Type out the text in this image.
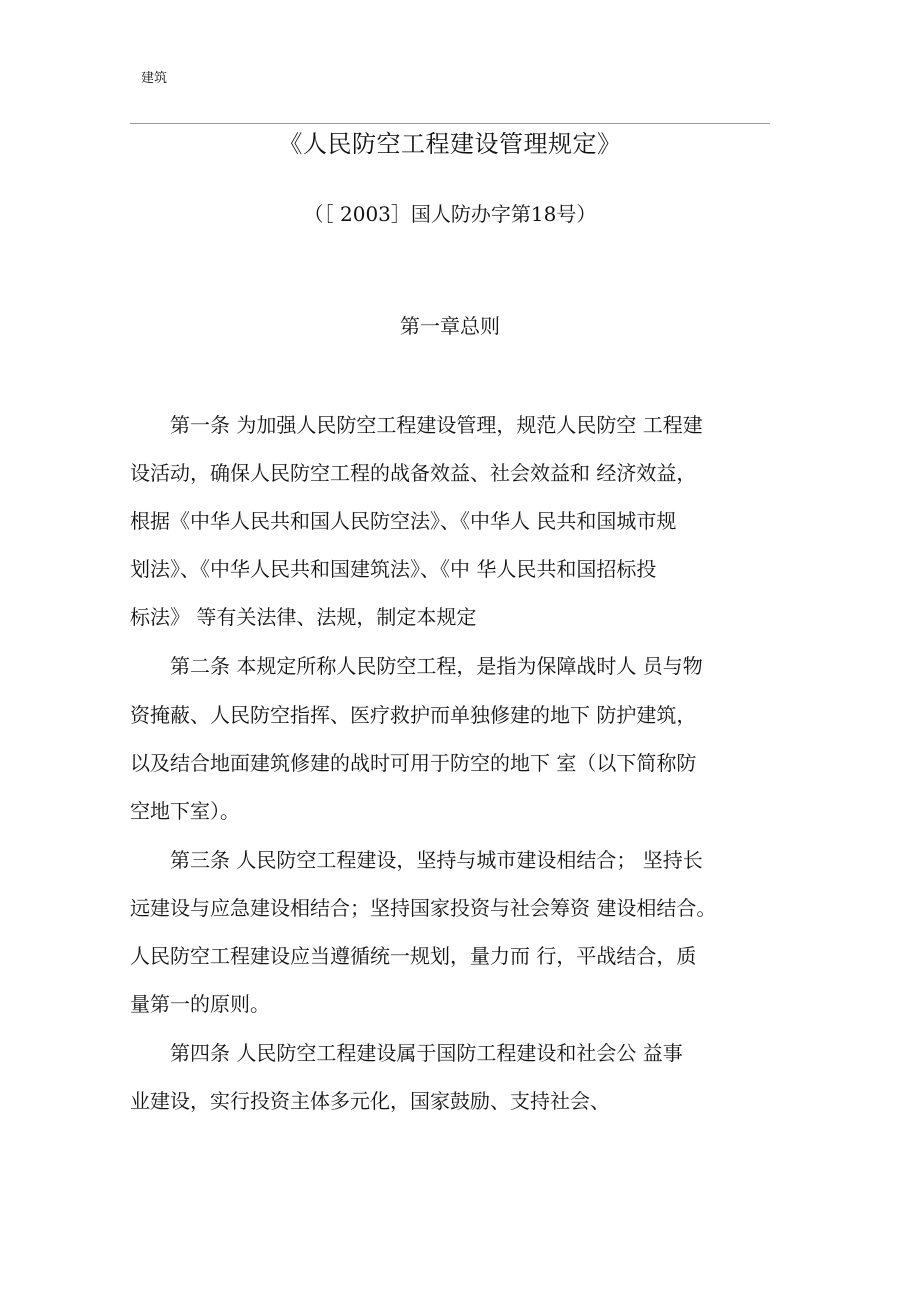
建筑
《人民防空工程建设管理规定》
（［ 2003］国人防办字第18号）
第一章总则
　　第一条 为加强人民防空工程建设管理，规范人民防空 工程建
设活动，确保人民防空工程的战备效益、社会效益和 经济效益，
根据《中华人民共和国人民防空法》、《中华人 民共和国城市规
划法》、《中华人民共和国建筑法》、《中 华人民共和国招标投
标法》 等有关法律、法规，制定本规定
　　第二条 本规定所称人民防空工程，是指为保障战时人 员与物
资掩蔽、人民防空指挥、医疗救护而单独修建的地下 防护建筑，
以及结合地面建筑修建的战时可用于防空的地下 室（以下简称防
空地下室）。
　　第三条 人民防空工程建设，坚持与城市建设相结合； 坚持长
远建设与应急建设相结合；坚持国家投资与社会筹资 建设相结合。
人民防空工程建设应当遵循统一规划，量力而 行，平战结合，质
量第一的原则。
　　第四条 人民防空工程建设属于国防工程建设和社会公 益事
业建设，实行投资主体多元化，国家鼓励、支持社会、
